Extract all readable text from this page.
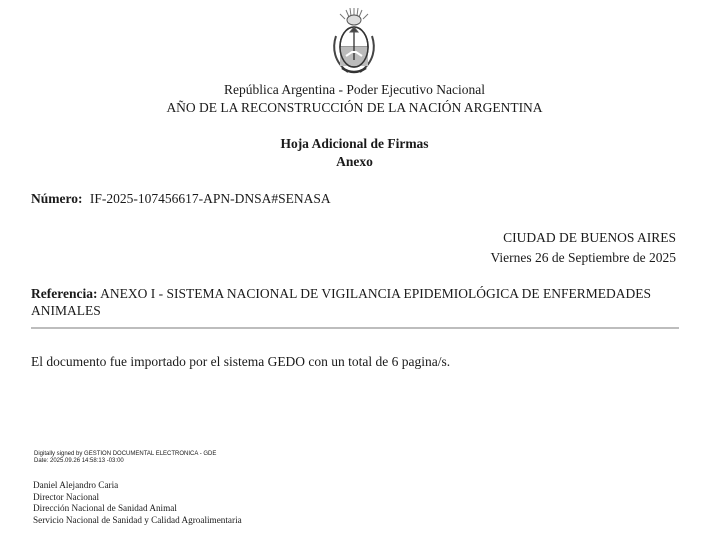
República Argentina - Poder Ejecutivo Nacional
AÑO DE LA RECONSTRUCCIÓN DE LA NACIÓN ARGENTINA
Hoja Adicional de Firmas
Anexo
Número: IF-2025-107456617-APN-DNSA#SENASA
CIUDAD DE BUENOS AIRES
Viernes 26 de Septiembre de 2025
Referencia: ANEXO I - SISTEMA NACIONAL DE VIGILANCIA EPIDEMIOLÓGICA DE ENFERMEDADES
ANIMALES
El documento fue importado por el sistema GEDO con un total de 6 pagina/s.
Digitally signed by GESTION DOCUMENTAL ELECTRONICA - GDE
Date: 2025.09.26 14:58:13 -03:00
Daniel Alejandro Caria
Director Nacional
Dirección Nacional de Sanidad Animal
Servicio Nacional de Sanidad y Calidad Agroalimentaria
